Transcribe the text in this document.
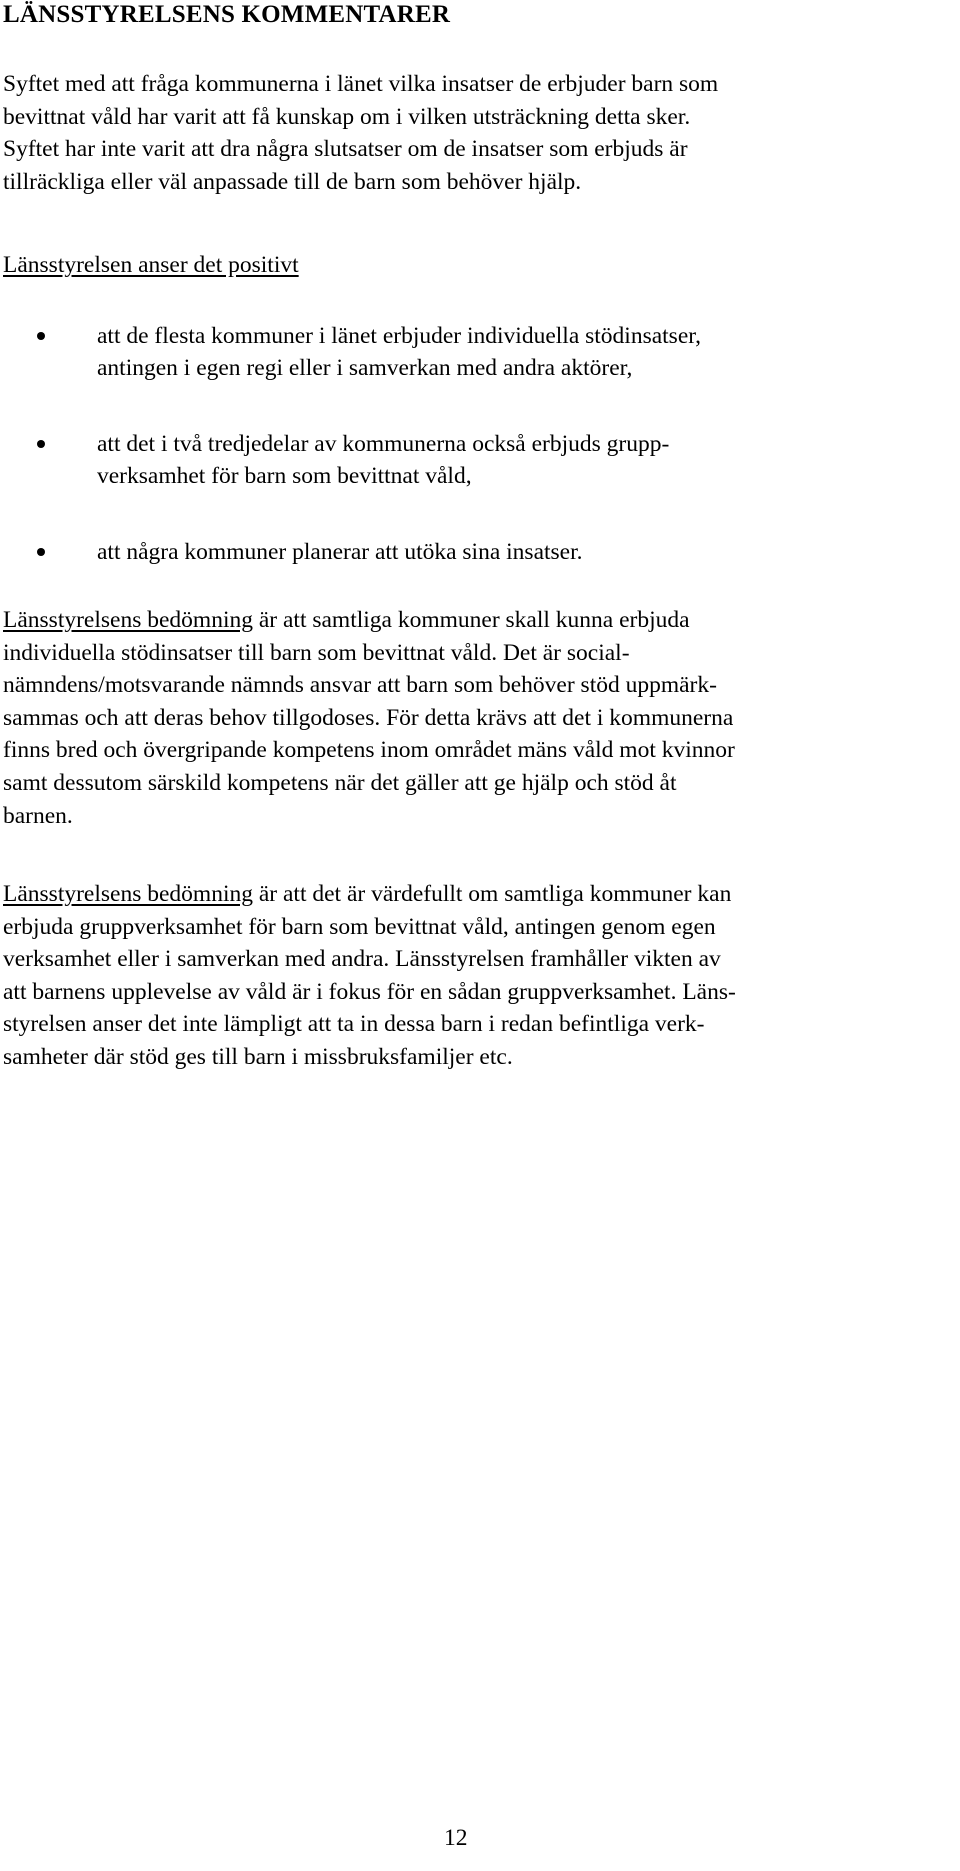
LÄNSSTYRELSENS KOMMENTARER
Syftet med att fråga kommunerna i länet vilka insatser de erbjuder barn som
bevittnat våld har varit att få kunskap om i vilken utsträckning detta sker.
Syftet har inte varit att dra några slutsatser om de insatser som erbjuds är
tillräckliga eller väl anpassade till de barn som behöver hjälp.
Länsstyrelsen anser det positivt
att de flesta kommuner i länet erbjuder individuella stödinsatser,
antingen i egen regi eller i samverkan med andra aktörer,
att det i två tredjedelar av kommunerna också erbjuds grupp-
verksamhet för barn som bevittnat våld,
att några kommuner planerar att utöka sina insatser.
Länsstyrelsens bedömning är att samtliga kommuner skall kunna erbjuda
individuella stödinsatser till barn som bevittnat våld. Det är social-
nämndens/motsvarande nämnds ansvar att barn som behöver stöd uppmärk-
sammas och att deras behov tillgodoses. För detta krävs att det i kommunerna
finns bred och övergripande kompetens inom området mäns våld mot kvinnor
samt dessutom särskild kompetens när det gäller att ge hjälp och stöd åt
barnen.
Länsstyrelsens bedömning är att det är värdefullt om samtliga kommuner kan
erbjuda gruppverksamhet för barn som bevittnat våld, antingen genom egen
verksamhet eller i samverkan med andra. Länsstyrelsen framhåller vikten av
att barnens upplevelse av våld är i fokus för en sådan gruppverksamhet. Läns-
styrelsen anser det inte lämpligt att ta in dessa barn i redan befintliga verk-
samheter där stöd ges till barn i missbruksfamiljer etc.
12
